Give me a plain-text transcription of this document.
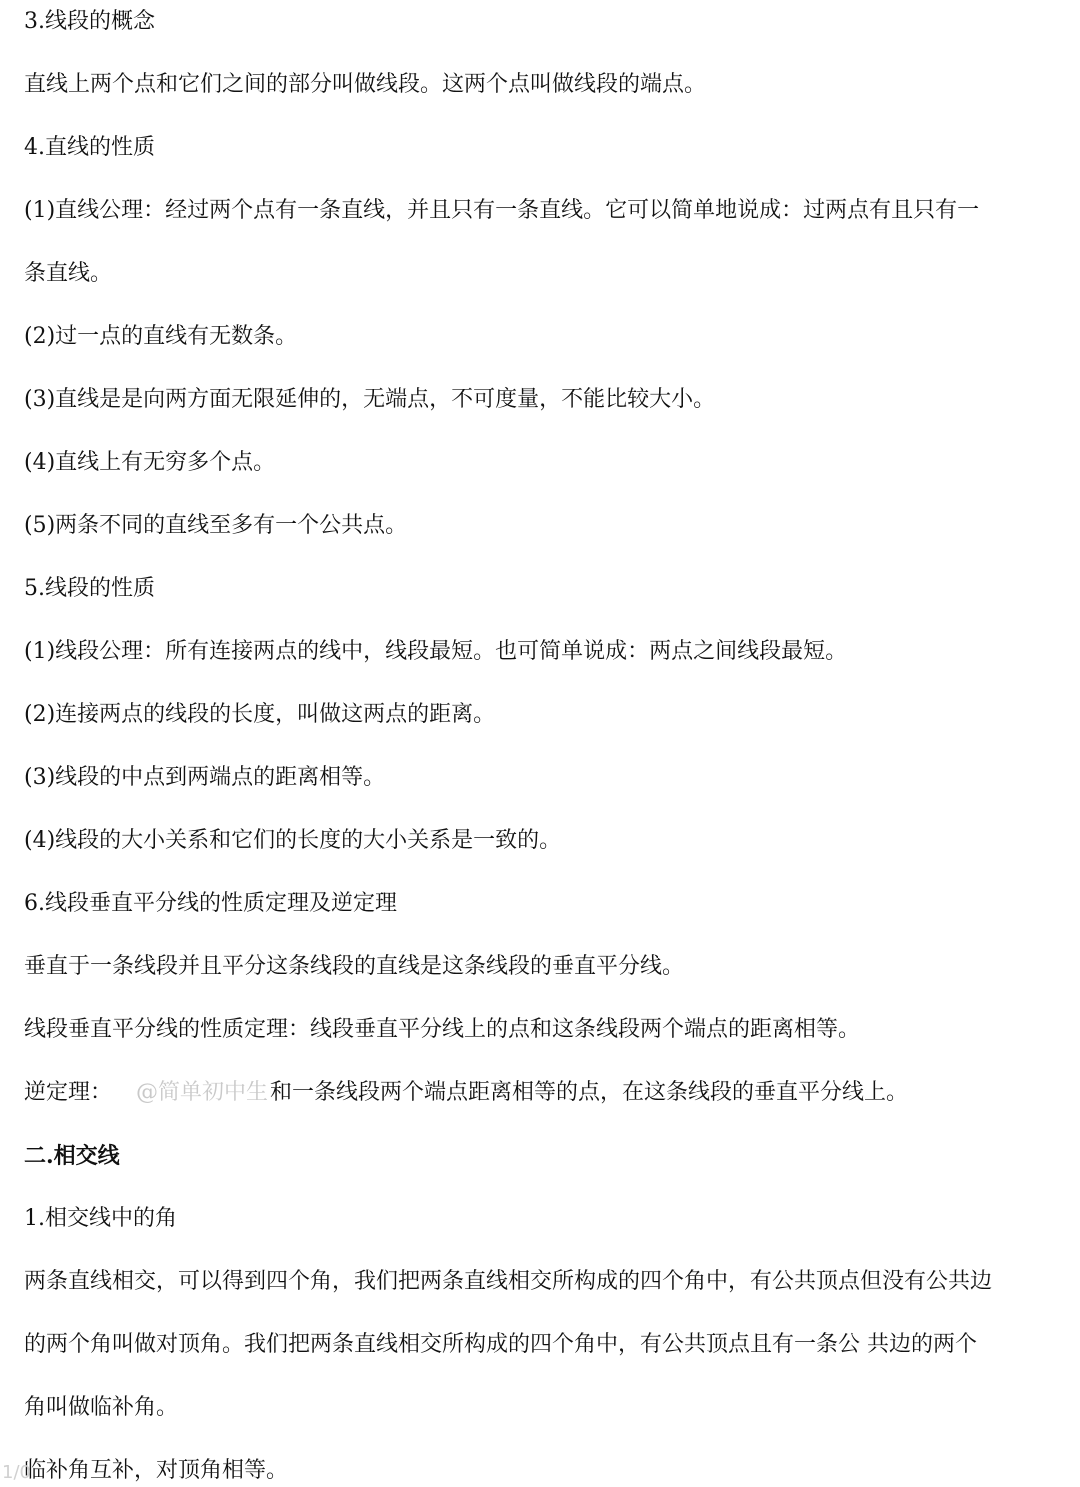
3.线段的概念
直线上两个点和它们之间的部分叫做线段。这两个点叫做线段的端点。
4.直线的性质
(1)直线公理：经过两个点有一条直线，并且只有一条直线。它可以简单地说成：过两点有且只有一
条直线。
(2)过一点的直线有无数条。
(3)直线是是向两方面无限延伸的，无端点，不可度量，不能比较大小。
(4)直线上有无穷多个点。
(5)两条不同的直线至多有一个公共点。
5.线段的性质
(1)线段公理：所有连接两点的线中，线段最短。也可简单说成：两点之间线段最短。
(2)连接两点的线段的长度，叫做这两点的距离。
(3)线段的中点到两端点的距离相等。
(4)线段的大小关系和它们的长度的大小关系是一致的。
6.线段垂直平分线的性质定理及逆定理
垂直于一条线段并且平分这条线段的直线是这条线段的垂直平分线。
线段垂直平分线的性质定理：线段垂直平分线上的点和这条线段两个端点的距离相等。
逆定理： @简单初中生和一条线段两个端点距离相等的点，在这条线段的垂直平分线上。
二.相交线
1.相交线中的角
两条直线相交，可以得到四个角，我们把两条直线相交所构成的四个角中，有公共顶点但没有公共边
的两个角叫做对顶角。我们把两条直线相交所构成的四个角中，有公共顶点且有一条公 共边的两个
角叫做临补角。
临补角互补，对顶角相等。
1/0
